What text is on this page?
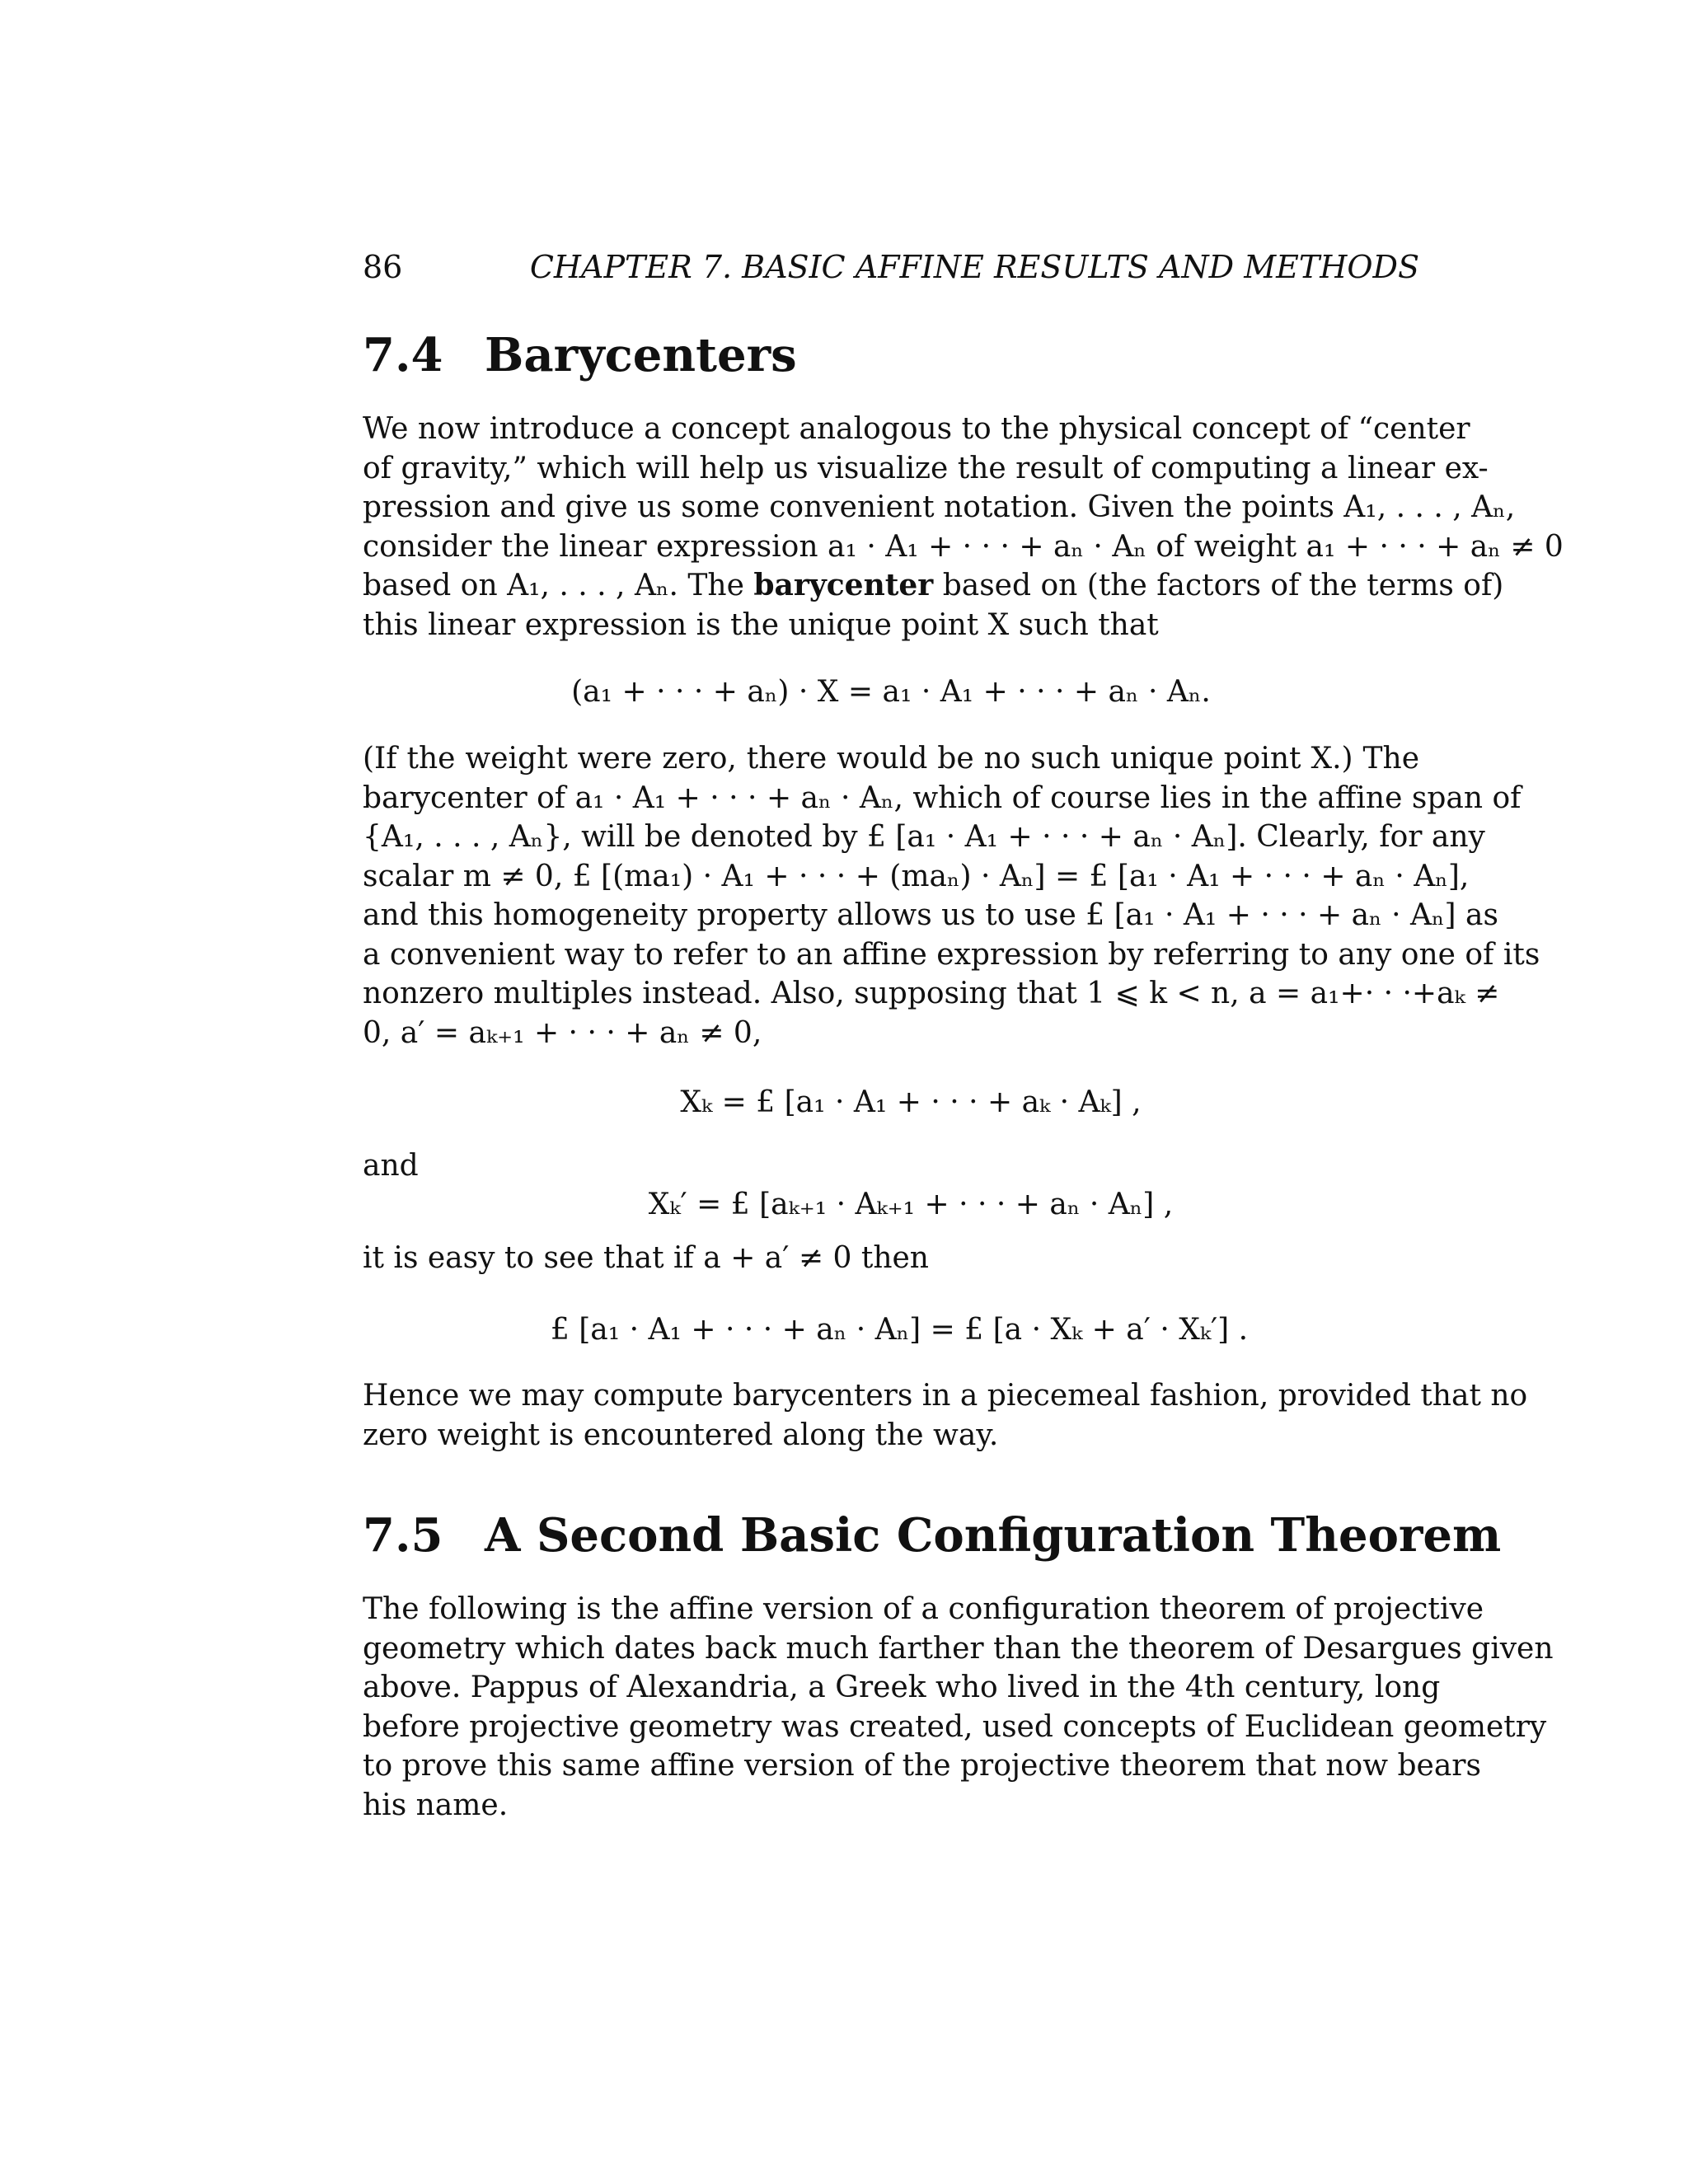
86	CHAPTER 7. BASIC AFFINE RESULTS AND METHODS
7.4 Barycenters
We now introduce a concept analogous to the physical concept of “center
of gravity,” which will help us visualize the result of computing a linear ex-
pression and give us some convenient notation. Given the points A₁, . . . , Aₙ,
consider the linear expression a₁ · A₁ + · · · + aₙ · Aₙ of weight a₁ + · · · + aₙ ≠ 0
based on A₁, . . . , Aₙ. The barycenter based on (the factors of the terms of)
this linear expression is the unique point X such that
(a₁ + · · · + aₙ) · X = a₁ · A₁ + · · · + aₙ · Aₙ.
(If the weight were zero, there would be no such unique point X.) The
barycenter of a₁ · A₁ + · · · + aₙ · Aₙ, which of course lies in the affine span of
{A₁, . . . , Aₙ}, will be denoted by £ [a₁ · A₁ + · · · + aₙ · Aₙ]. Clearly, for any
scalar m ≠ 0, £ [(ma₁) · A₁ + · · · + (maₙ) · Aₙ] = £ [a₁ · A₁ + · · · + aₙ · Aₙ],
and this homogeneity property allows us to use £ [a₁ · A₁ + · · · + aₙ · Aₙ] as
a convenient way to refer to an affine expression by referring to any one of its
nonzero multiples instead. Also, supposing that 1 ⩽ k < n, a = a₁+· · ·+aₖ ≠
0, a′ = aₖ₊₁ + · · · + aₙ ≠ 0,
Xₖ = £ [a₁ · A₁ + · · · + aₖ · Aₖ] ,
and
Xₖ′ = £ [aₖ₊₁ · Aₖ₊₁ + · · · + aₙ · Aₙ] ,
it is easy to see that if a + a′ ≠ 0 then
£ [a₁ · A₁ + · · · + aₙ · Aₙ] = £ [a · Xₖ + a′ · Xₖ′] .
Hence we may compute barycenters in a piecemeal fashion, provided that no
zero weight is encountered along the way.
7.5 A Second Basic Configuration Theorem
The following is the affine version of a configuration theorem of projective
geometry which dates back much farther than the theorem of Desargues given
above. Pappus of Alexandria, a Greek who lived in the 4th century, long
before projective geometry was created, used concepts of Euclidean geometry
to prove this same affine version of the projective theorem that now bears
his name.
